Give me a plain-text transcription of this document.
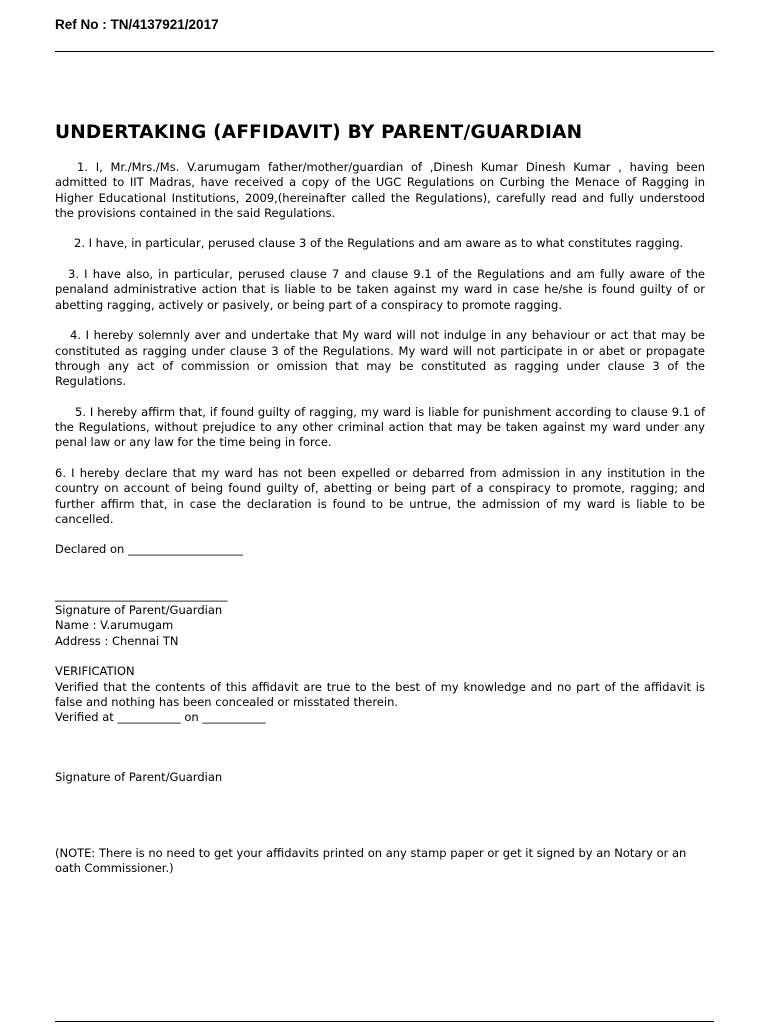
Ref No : TN/4137921/2017
UNDERTAKING (AFFIDAVIT) BY PARENT/GUARDIAN

1. I, Mr./Mrs./Ms. V.arumugam father/mother/guardian of ,Dinesh Kumar Dinesh Kumar , having been admitted to IIT Madras, have received a copy of the UGC Regulations on Curbing the Menace of Ragging in Higher Educational Institutions, 2009,(hereinafter called the Regulations), carefully read and fully understood the provisions contained in the said Regulations.

2. I have, in particular, perused clause 3 of the Regulations and am aware as to what constitutes ragging.

3. I have also, in particular, perused clause 7 and clause 9.1 of the Regulations and am fully aware of the penaland administrative action that is liable to be taken against my ward in case he/she is found guilty of or abetting ragging, actively or pasively, or being part of a conspiracy to promote ragging.

4. I hereby solemnly aver and undertake that My ward will not indulge in any behaviour or act that may be constituted as ragging under clause 3 of the Regulations. My ward will not participate in or abet or propagate through any act of commission or omission that may be constituted as ragging under clause 3 of the Regulations.

5. I hereby affirm that, if found guilty of ragging, my ward is liable for punishment according to clause 9.1 of the Regulations, without prejudice to any other criminal action that may be taken against my ward under any penal law or any law for the time being in force.

6. I hereby declare that my ward has not been expelled or debarred from admission in any institution in the country on account of being found guilty of, abetting or being part of a conspiracy to promote, ragging; and further affirm that, in case the declaration is found to be untrue, the admission of my ward is liable to be cancelled.

Declared on ____________________

______________________________

Signature of Parent/Guardian

Name : V.arumugam

Address : Chennai TN

VERIFICATION

Verified that the contents of this affidavit are true to the best of my knowledge and no part of the affidavit is false and nothing has been concealed or misstated therein.

Verified at ___________ on ___________

Signature of Parent/Guardian

(NOTE: There is no need to get your affidavits printed on any stamp paper or get it signed by an Notary or an oath Commissioner.)
